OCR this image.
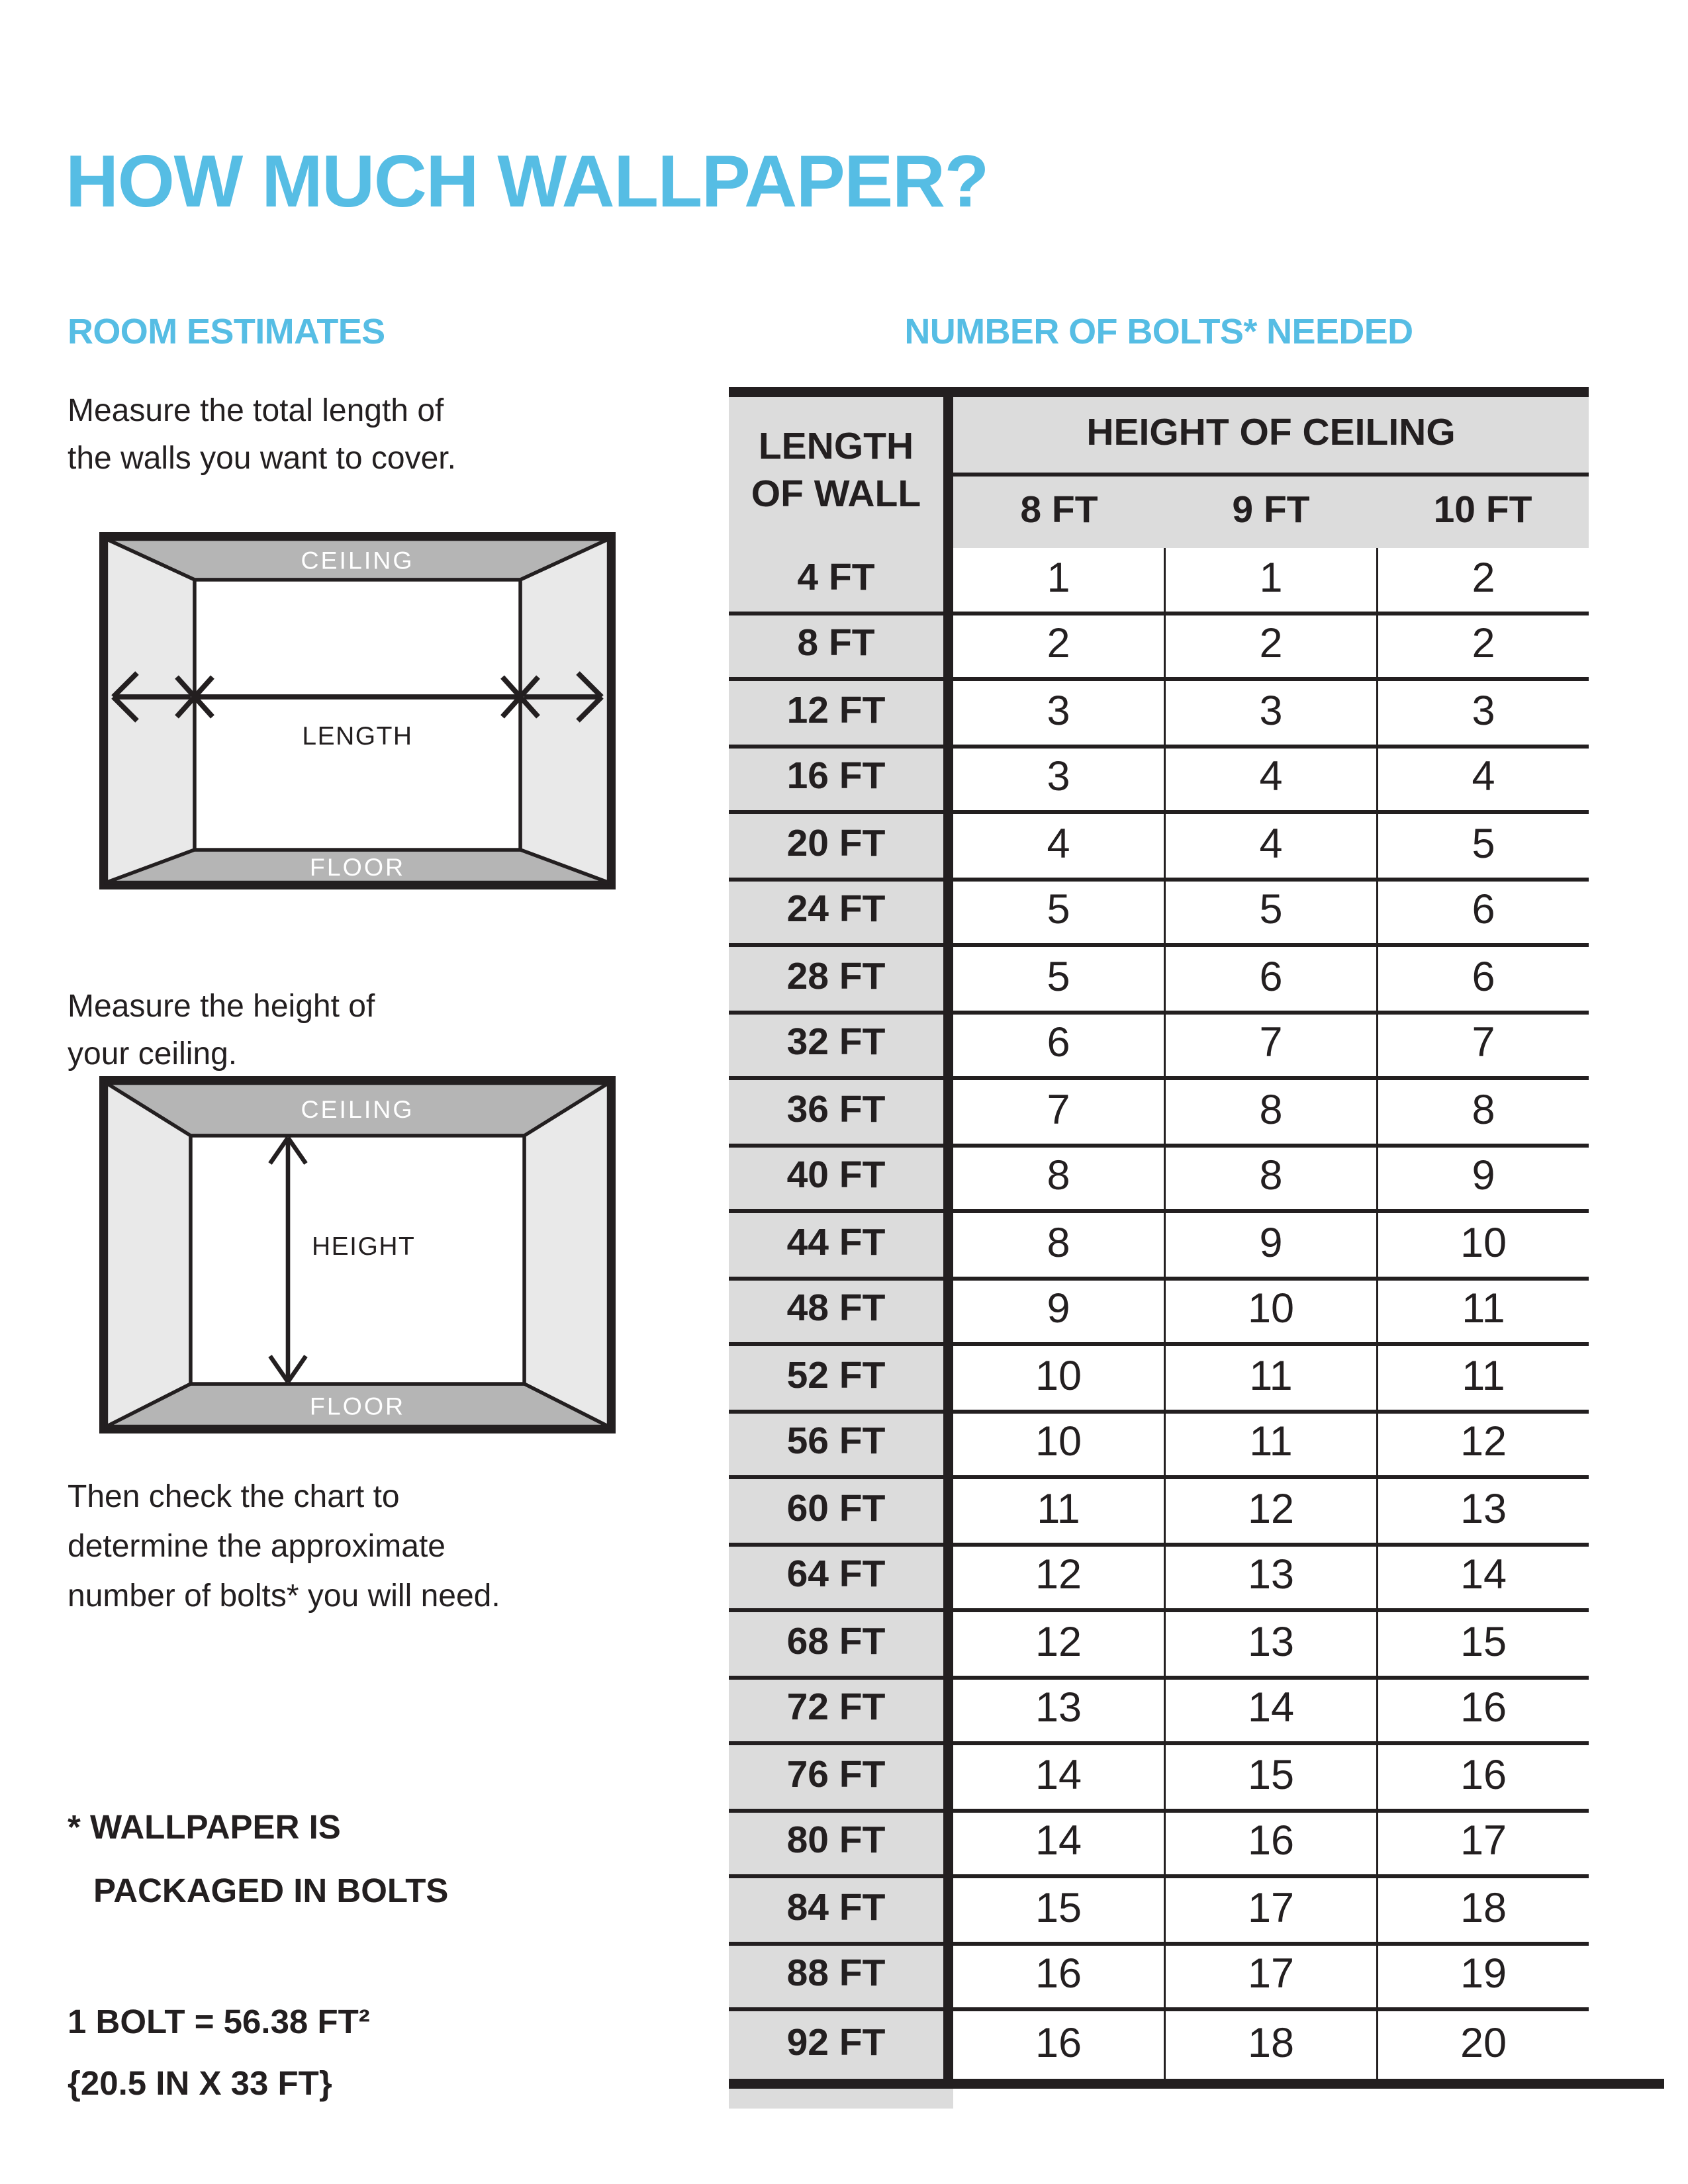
HOW MUCH WALLPAPER?
ROOM ESTIMATES
Measure the total length of
the walls you want to cover.
CEILING
LENGTH
FLOOR
Measure the height of
your ceiling.
CEILING
HEIGHT
FLOOR
Then check the chart to
determine the approximate
number of bolts* you will need.
* WALLPAPER IS
PACKAGED IN BOLTS
1 BOLT = 56.38 FT²
{20.5 IN X 33 FT}
NUMBER OF BOLTS* NEEDED
LENGTH OF WALL
HEIGHT OF CEILING
8 FT	9 FT	10 FT
4 FT	1	1	2
8 FT	2	2	2
12 FT	3	3	3
16 FT	3	4	4
20 FT	4	4	5
24 FT	5	5	6
28 FT	5	6	6
32 FT	6	7	7
36 FT	7	8	8
40 FT	8	8	9
44 FT	8	9	10
48 FT	9	10	11
52 FT	10	11	11
56 FT	10	11	12
60 FT	11	12	13
64 FT	12	13	14
68 FT	12	13	15
72 FT	13	14	16
76 FT	14	15	16
80 FT	14	16	17
84 FT	15	17	18
88 FT	16	17	19
92 FT	16	18	20
